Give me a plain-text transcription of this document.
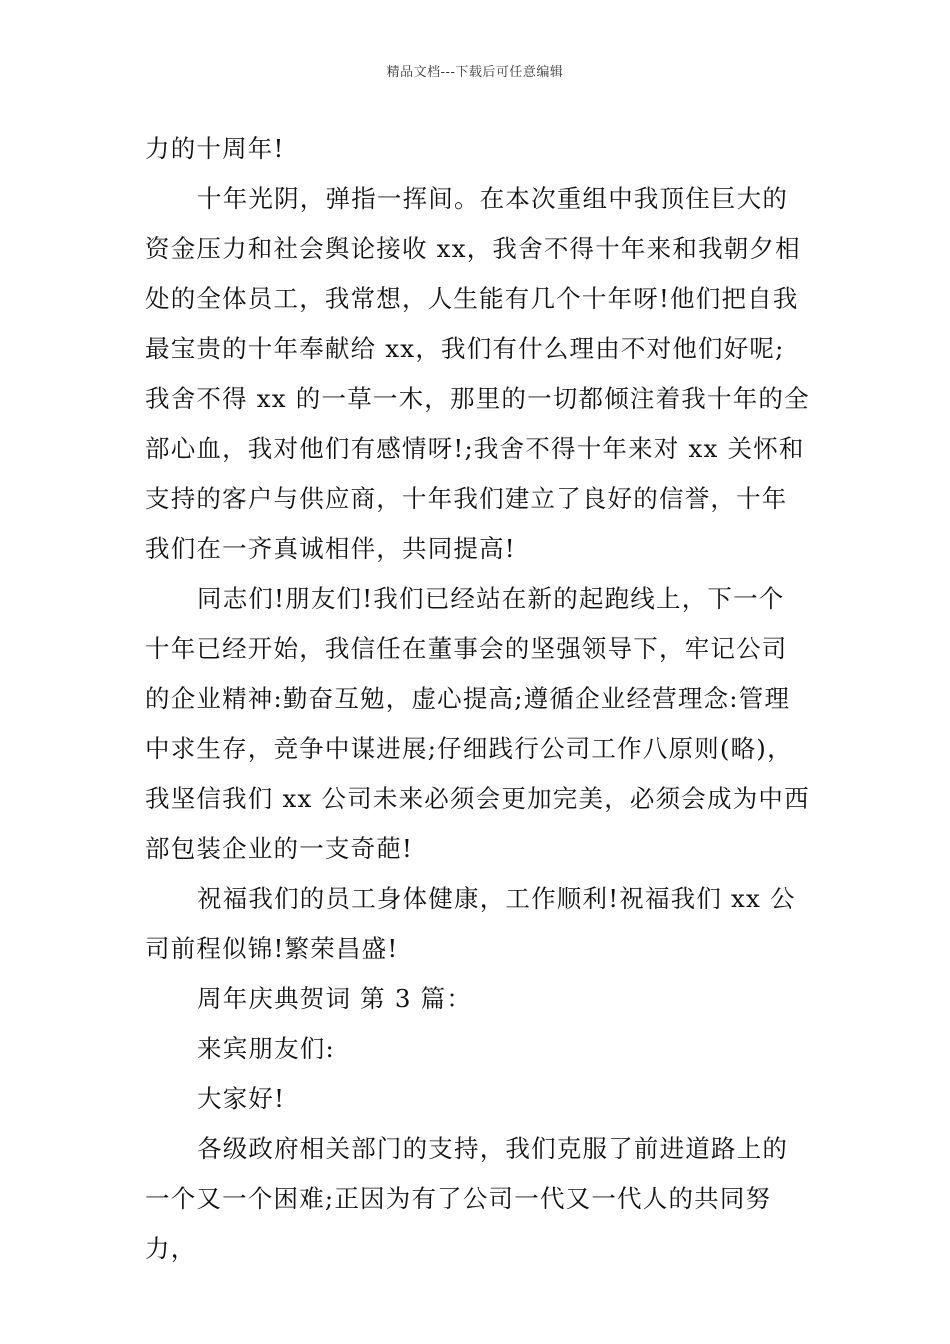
精品文档---下载后可任意编辑

力的十周年!

十年光阴，弹指一挥间。在本次重组中我顶住巨大的资金压力和社会舆论接收 xx，我舍不得十年来和我朝夕相处的全体员工，我常想，人生能有几个十年呀!他们把自我最宝贵的十年奉献给 xx，我们有什么理由不对他们好呢;我舍不得 xx 的一草一木，那里的一切都倾注着我十年的全部心血，我对他们有感情呀!;我舍不得十年来对 xx 关怀和支持的客户与供应商，十年我们建立了良好的信誉，十年我们在一齐真诚相伴，共同提高!

同志们!朋友们!我们已经站在新的起跑线上，下一个十年已经开始，我信任在董事会的坚强领导下，牢记公司的企业精神:勤奋互勉，虚心提高;遵循企业经营理念:管理中求生存，竞争中谋进展;仔细践行公司工作八原则(略)，我坚信我们 xx 公司未来必须会更加完美，必须会成为中西部包装企业的一支奇葩!

祝福我们的员工身体健康，工作顺利!祝福我们 xx 公司前程似锦!繁荣昌盛!

周年庆典贺词 第 3 篇：

来宾朋友们:

大家好!

各级政府相关部门的支持，我们克服了前进道路上的一个又一个困难;正因为有了公司一代又一代人的共同努力，
